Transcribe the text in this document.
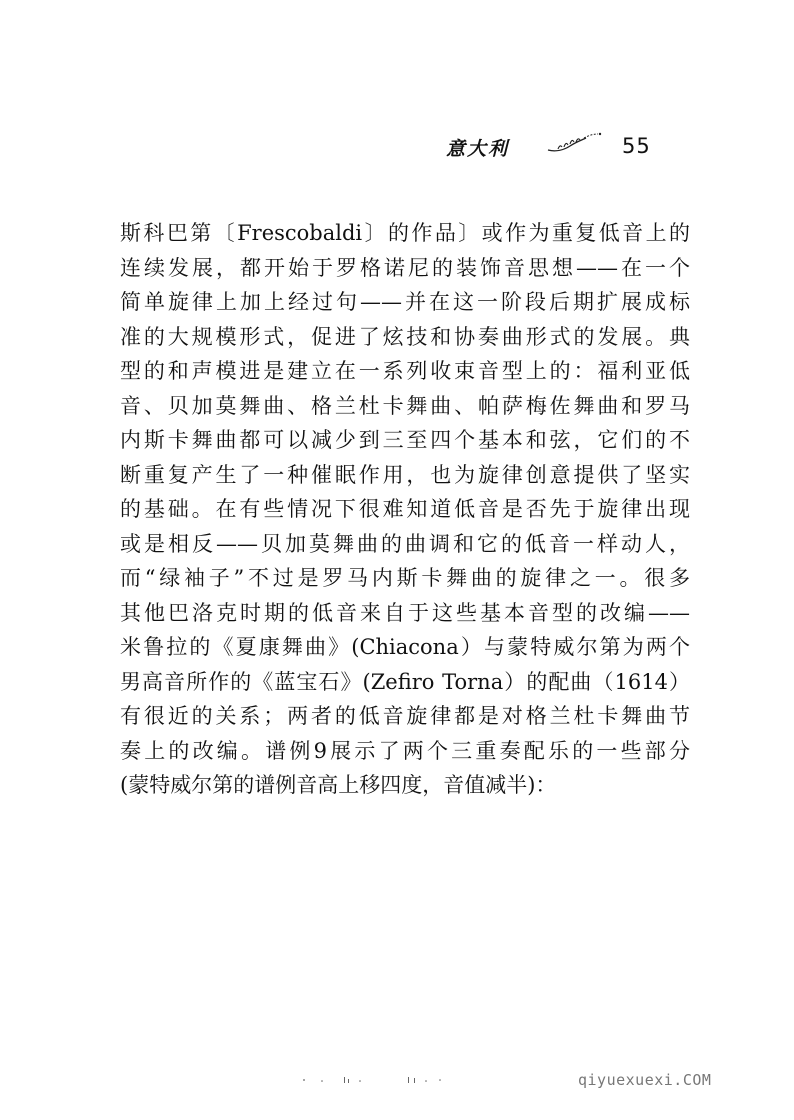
意大利	55
斯科巴第〔Frescobaldi〕的作品〕或作为重复低音上的
连续发展，都开始于罗格诺尼的装饰音思想——在一个
简单旋律上加上经过句——并在这一阶段后期扩展成标
准的大规模形式，促进了炫技和协奏曲形式的发展。典
型的和声模进是建立在一系列收束音型上的：福利亚低
音、贝加莫舞曲、格兰杜卡舞曲、帕萨梅佐舞曲和罗马
内斯卡舞曲都可以减少到三至四个基本和弦，它们的不
断重复产生了一种催眠作用，也为旋律创意提供了坚实
的基础。在有些情况下很难知道低音是否先于旋律出现
或是相反——贝加莫舞曲的曲调和它的低音一样动人，
而“绿袖子”不过是罗马内斯卡舞曲的旋律之一。很多
其他巴洛克时期的低音来自于这些基本音型的改编——
米鲁拉的《夏康舞曲》(Chiacona）与蒙特威尔第为两个
男高音所作的《蓝宝石》(Zefiro Torna）的配曲（1614）
有很近的关系；两者的低音旋律都是对格兰杜卡舞曲节
奏上的改编。谱例9展示了两个三重奏配乐的一些部分
(蒙特威尔第的谱例音高上移四度，音值减半)：
qiyuexuexi.COM
